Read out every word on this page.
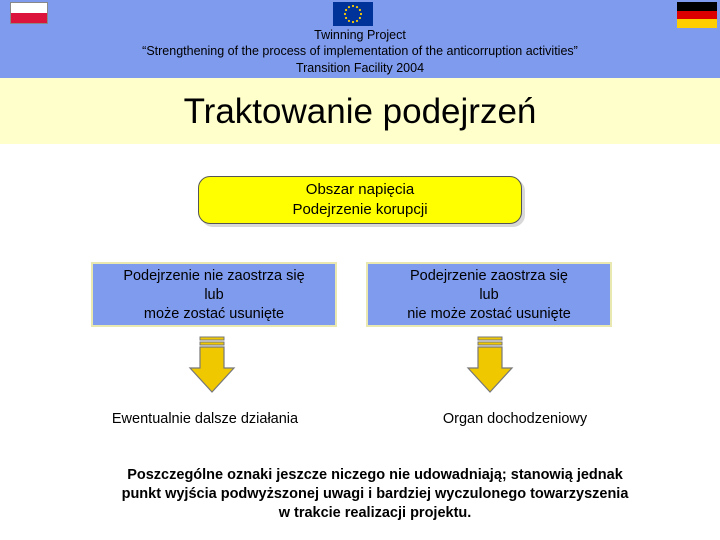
Twinning Project
“Strengthening of the process of implementation of the anticorruption activities”
Transition Facility 2004
Traktowanie podejrzeń
Obszar napięcia
Podejrzenie korupcji
Podejrzenie nie zaostrza się
lub
może zostać usunięte
Podejrzenie zaostrza się
lub
nie może zostać usunięte
Ewentualnie dalsze działania	Organ dochodzeniowy
Poszczególne oznaki jeszcze niczego nie udowadniają; stanowią jednak
punkt wyjścia podwyższonej uwagi i bardziej wyczulonego towarzyszenia
w trakcie realizacji projektu.
